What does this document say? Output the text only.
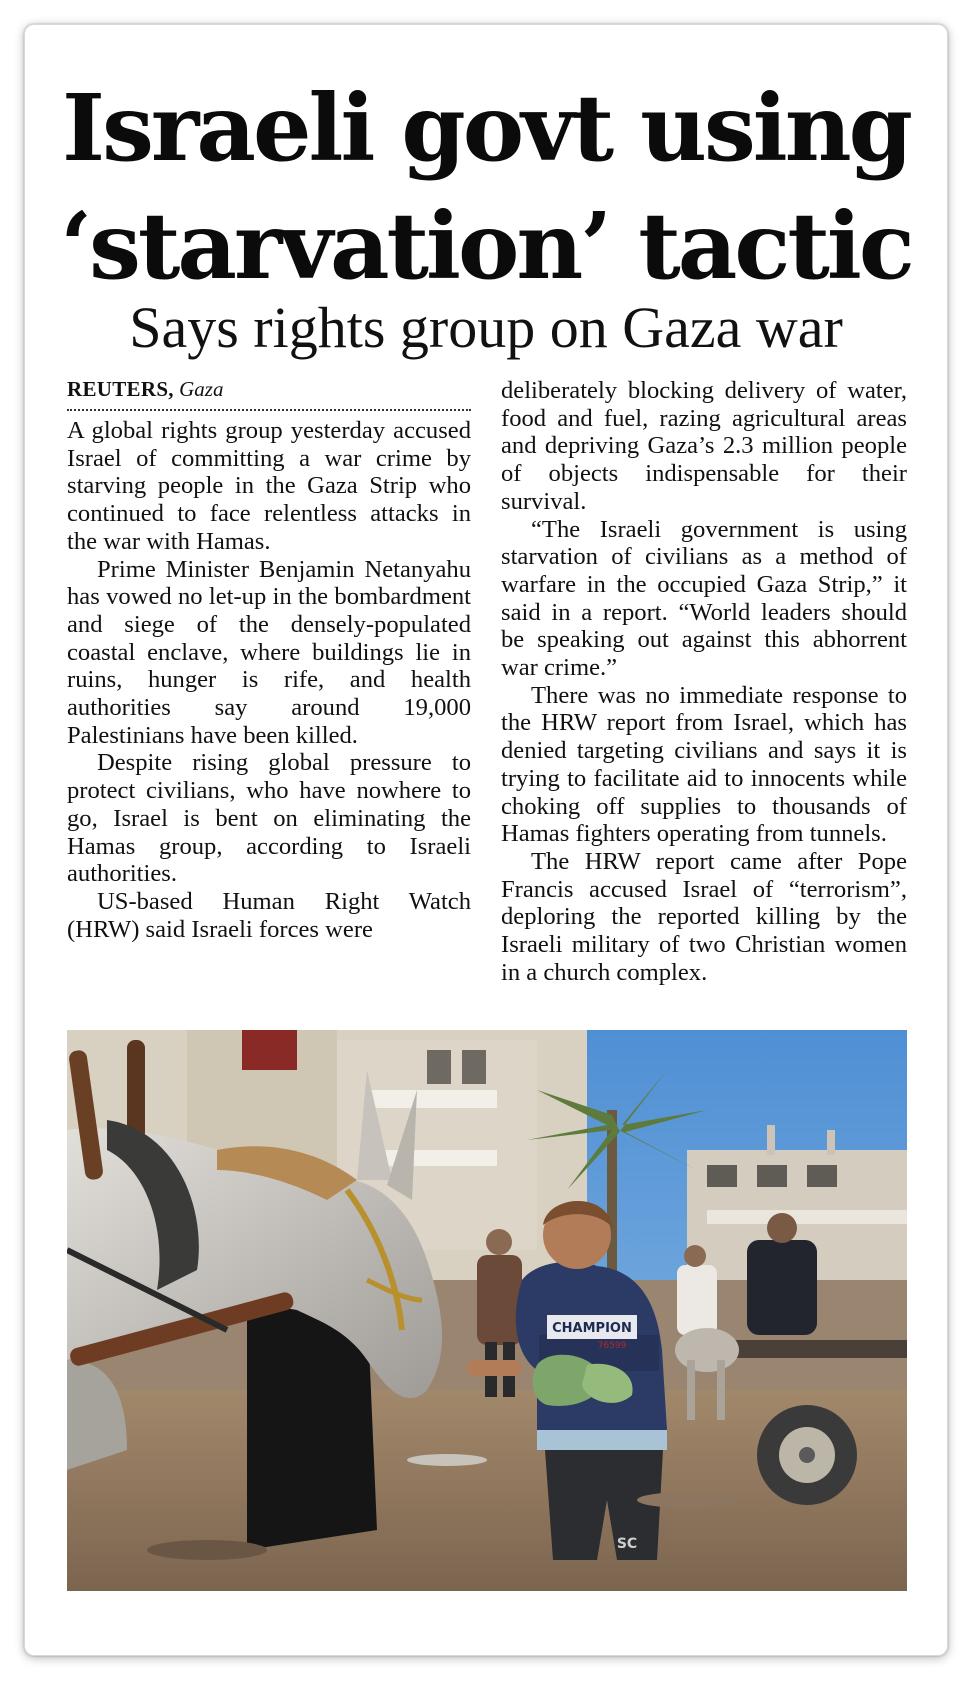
Israeli govt using
‘starvation’ tactic
Says rights group on Gaza war
REUTERS, Gaza

A global rights group yesterday accused Israel of committing a war crime by starving people in the Gaza Strip who continued to face relentless attacks in the war with Hamas.

Prime Minister Benjamin Netanyahu has vowed no let-up in the bombardment and siege of the densely-populated coastal enclave, where buildings lie in ruins, hunger is rife, and health authorities say around 19,000 Palestinians have been killed.

Despite rising global pressure to protect civilians, who have nowhere to go, Israel is bent on eliminating the Hamas group, according to Israeli authorities.

US-based Human Right Watch (HRW) said Israeli forces were

deliberately blocking delivery of water, food and fuel, razing agricultural areas and depriving Gaza’s 2.3 million people of objects indispensable for their survival.

“The Israeli government is using starvation of civilians as a method of warfare in the occupied Gaza Strip,” it said in a report. “World leaders should be speaking out against this abhorrent war crime.”

There was no immediate response to the HRW report from Israel, which has denied targeting civilians and says it is trying to facilitate aid to innocents while choking off supplies to thousands of Hamas fighters operating from tunnels.

The HRW report came after Pope Francis accused Israel of “terrorism”, deploring the reported killing by the Israeli military of two Christian women in a church complex.

CHAMPION
76599
SC
